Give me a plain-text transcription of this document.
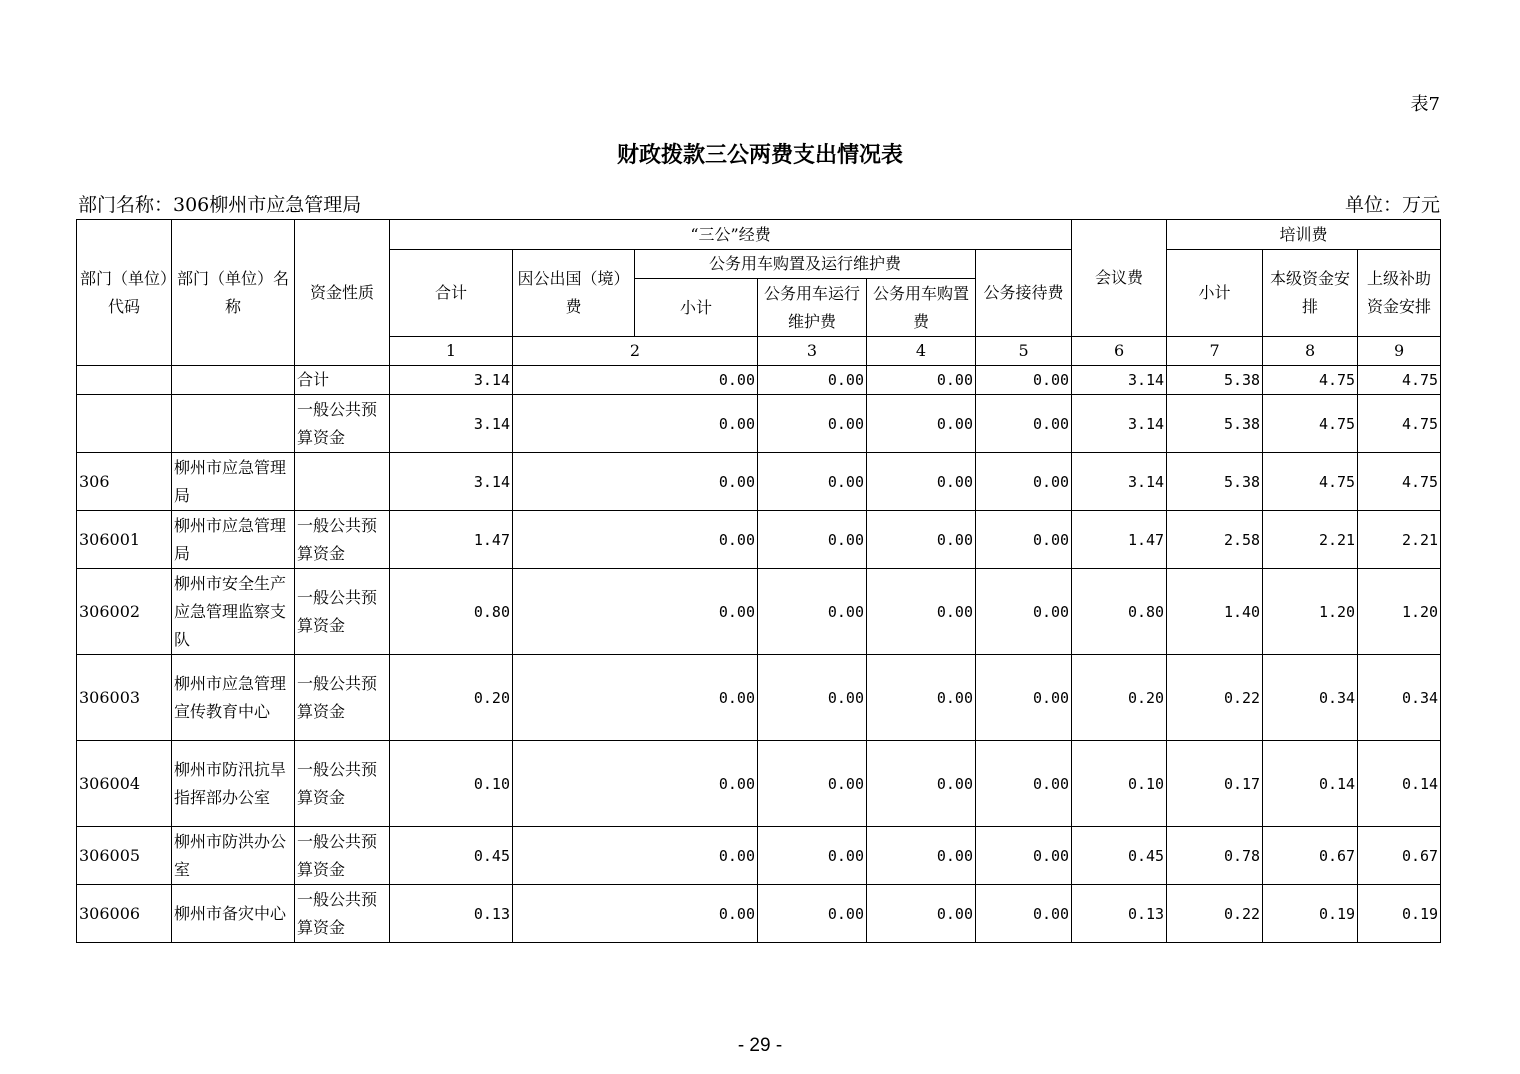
表7
财政拨款三公两费支出情况表
部门名称：306柳州市应急管理局	单位：万元
部门（单位）代码	部门（单位）名称	资金性质	“三公”经费						会议费	培训费			
			合计	因公出国（境）费	公务用车购置及运行维护费			公务接待费		小计	本级资金安排	上级补助资金安排	
					小计	公务用车运行维护费	公务用车购置费						
			1	2		3	4	5	6	7	8	9	
		合计	3.14	0.00		0.00	0.00	0.00	3.14	5.38	4.75	4.75	
		一般公共预算资金	3.14	0.00		0.00	0.00	0.00	3.14	5.38	4.75	4.75	
306	柳州市应急管理局		3.14	0.00		0.00	0.00	0.00	3.14	5.38	4.75	4.75	
306001	柳州市应急管理局	一般公共预算资金	1.47	0.00		0.00	0.00	0.00	1.47	2.58	2.21	2.21	
306002	柳州市安全生产应急管理监察支队	一般公共预算资金	0.80	0.00		0.00	0.00	0.00	0.80	1.40	1.20	1.20	
306003	柳州市应急管理宣传教育中心	一般公共预算资金	0.20	0.00		0.00	0.00	0.00	0.20	0.22	0.34	0.34	
306004	柳州市防汛抗旱指挥部办公室	一般公共预算资金	0.10	0.00		0.00	0.00	0.00	0.10	0.17	0.14	0.14	
306005	柳州市防洪办公室	一般公共预算资金	0.45	0.00		0.00	0.00	0.00	0.45	0.78	0.67	0.67	
306006	柳州市备灾中心	一般公共预算资金	0.13	0.00		0.00	0.00	0.00	0.13	0.22	0.19	0.19	
- 29 -
